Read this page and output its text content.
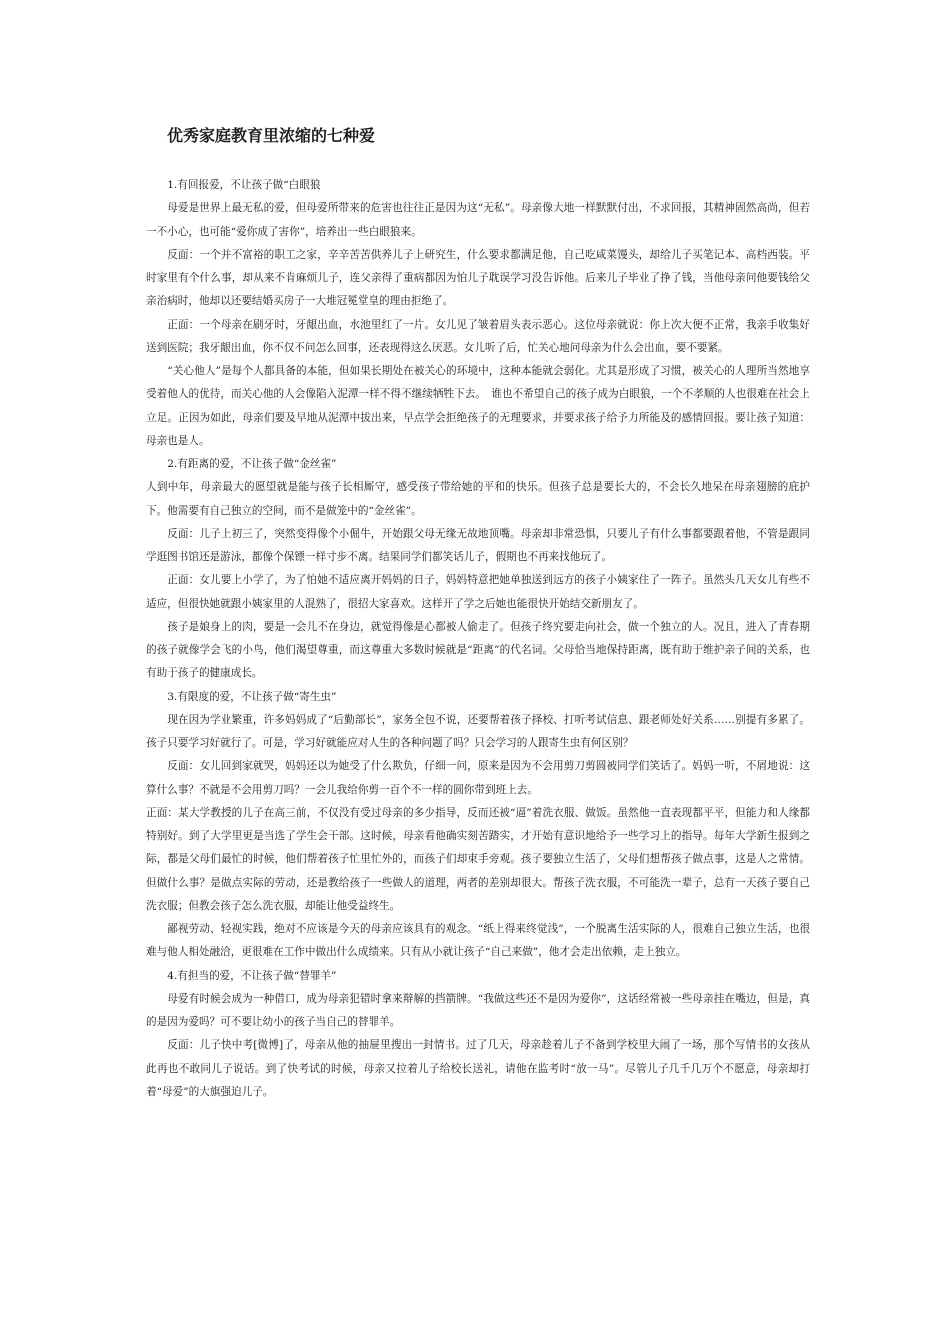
优秀家庭教育里浓缩的七种爱

1.有回报爱，不让孩子做“白眼狼

母爱是世界上最无私的爱，但母爱所带来的危害也往往正是因为这“无私”。母亲像大地一样默默付出，不求回报，其精神固然高尚，但若一不小心，也可能“爱你成了害你”，培养出一些白眼狼来。

反面：一个并不富裕的职工之家，辛辛苦苦供养儿子上研究生，什么要求都满足他，自己吃咸菜馒头，却给儿子买笔记本、高档西装。平时家里有个什么事，却从来不肯麻烦儿子，连父亲得了重病都因为怕儿子耽误学习没告诉他。后来儿子毕业了挣了钱，当他母亲问他要钱给父亲治病时，他却以还要结婚买房子一大堆冠冕堂皇的理由拒绝了。

正面：一个母亲在刷牙时，牙龈出血，水池里红了一片。女儿见了皱着眉头表示恶心。这位母亲就说：你上次大便不正常，我亲手收集好送到医院；我牙龈出血，你不仅不问怎么回事，还表现得这么厌恶。女儿听了后，忙关心地问母亲为什么会出血，要不要紧。

“关心他人”是每个人都具备的本能，但如果长期处在被关心的环境中，这种本能就会弱化。尤其是形成了习惯，被关心的人理所当然地享受着他人的优待，而关心他的人会像陷入泥潭一样不得不继续牺牲下去。　谁也不希望自己的孩子成为白眼狼，一个不孝顺的人也很难在社会上立足。正因为如此，母亲们要及早地从泥潭中拔出来，早点学会拒绝孩子的无理要求，并要求孩子给予力所能及的感情回报。要让孩子知道：母亲也是人。

2.有距离的爱，不让孩子做“金丝雀”

人到中年，母亲最大的愿望就是能与孩子长相厮守，感受孩子带给她的平和的快乐。但孩子总是要长大的，不会长久地呆在母亲翅膀的庇护下。他需要有自己独立的空间，而不是做笼中的“金丝雀”。

反面：儿子上初三了，突然变得像个小倔牛，开始跟父母无缘无故地顶嘴。母亲却非常恐惧，只要儿子有什么事都要跟着他，不管是跟同学逛图书馆还是游泳，都像个保镖一样寸步不离。结果同学们都笑话儿子，假期也不再来找他玩了。

正面：女儿要上小学了，为了怕她不适应离开妈妈的日子，妈妈特意把她单独送到远方的孩子小姨家住了一阵子。虽然头几天女儿有些不适应，但很快她就跟小姨家里的人混熟了，很招大家喜欢。这样开了学之后她也能很快开始结交新朋友了。

孩子是娘身上的肉，要是一会儿不在身边，就觉得像是心都被人偷走了。但孩子终究要走向社会，做一个独立的人。况且，进入了青春期的孩子就像学会飞的小鸟，他们渴望尊重，而这尊重大多数时候就是“距离”的代名词。父母恰当地保持距离，既有助于维护亲子间的关系，也有助于孩子的健康成长。

3.有限度的爱，不让孩子做“寄生虫”

现在因为学业繁重，许多妈妈成了“后勤部长”，家务全包不说，还要帮着孩子择校、打听考试信息、跟老师处好关系……别提有多累了。孩子只要学习好就行了。可是，学习好就能应对人生的各种问题了吗？只会学习的人跟寄生虫有何区别？

反面：女儿回到家就哭，妈妈还以为她受了什么欺负，仔细一问，原来是因为不会用剪刀剪圆被同学们笑话了。妈妈一听，不屑地说：这算什么事？不就是不会用剪刀吗？一会儿我给你剪一百个不一样的圆你带到班上去。

正面：某大学教授的儿子在高三前，不仅没有受过母亲的多少指导，反而还被“逼”着洗衣服、做饭。虽然他一直表现都平平，但能力和人缘都特别好。到了大学里更是当选了学生会干部。这时候，母亲看他确实刻苦踏实，才开始有意识地给予一些学习上的指导。每年大学新生报到之际，都是父母们最忙的时候，他们帮着孩子忙里忙外的，而孩子们却束手旁观。孩子要独立生活了，父母们想帮孩子做点事，这是人之常情。但做什么事？是做点实际的劳动，还是教给孩子一些做人的道理，两者的差别却很大。帮孩子洗衣服，不可能洗一辈子，总有一天孩子要自己洗衣服；但教会孩子怎么洗衣服，却能让他受益终生。

鄙视劳动、轻视实践，绝对不应该是今天的母亲应该具有的观念。“纸上得来终觉浅”，一个脱离生活实际的人，很难自己独立生活，也很难与他人相处融洽，更很难在工作中做出什么成绩来。只有从小就让孩子“自己来做”，他才会走出依赖，走上独立。

4.有担当的爱，不让孩子做“替罪羊”

母爱有时候会成为一种借口，成为母亲犯错时拿来辩解的挡箭牌。“我做这些还不是因为爱你”，这话经常被一些母亲挂在嘴边，但是，真的是因为爱吗？可不要让幼小的孩子当自己的替罪羊。

反面：儿子快中考[微博]了，母亲从他的抽屉里搜出一封情书。过了几天，母亲趁着儿子不备到学校里大闹了一场，那个写情书的女孩从此再也不敢同儿子说话。到了快考试的时候，母亲又拉着儿子给校长送礼，请他在监考时“放一马”。尽管儿子几千几万个不愿意，母亲却打着“母爱”的大旗强迫儿子。
